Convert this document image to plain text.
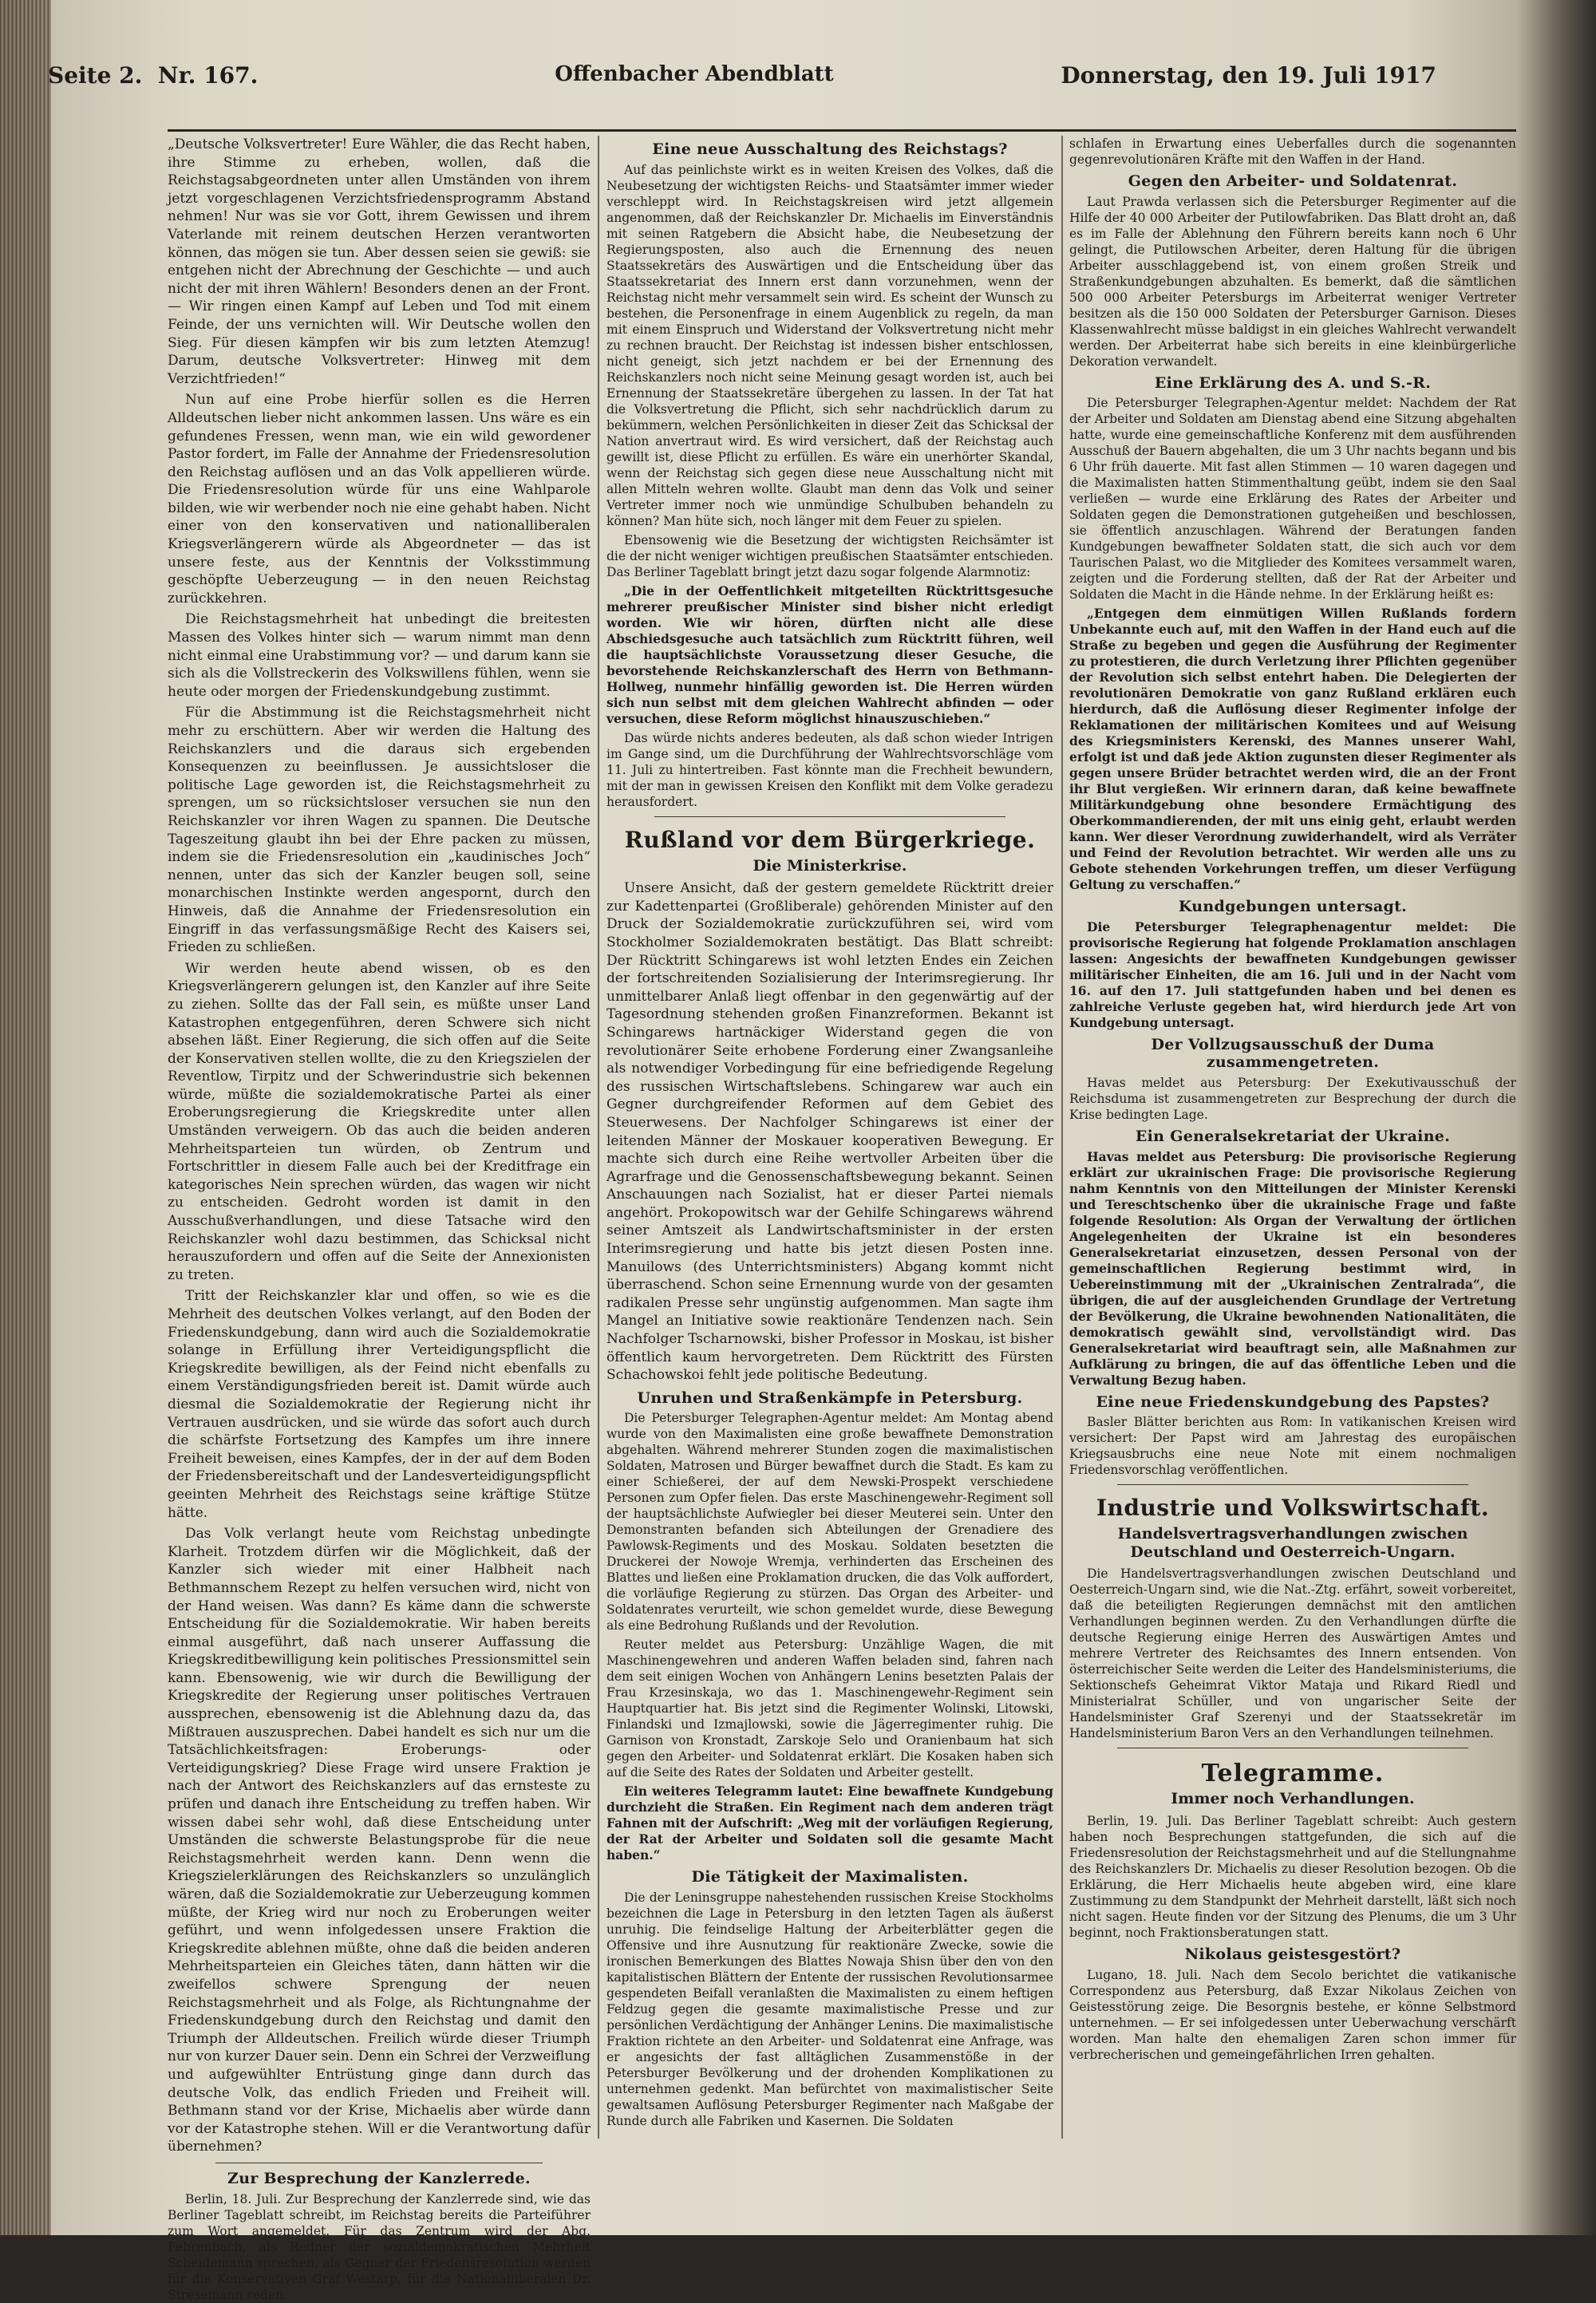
Seite 2. Nr. 167.	Offenbacher Abendblatt	Donnerstag, den 19. Juli 1917

„Deutsche Volksvertreter! Eure Wähler, die das Recht haben, ihre Stimme zu erheben, wollen, daß die Reichstagsabgeordneten unter allen Umständen von ihrem jetzt vorgeschlagenen Verzichtsfriedensprogramm Abstand nehmen! Nur was sie vor Gott, ihrem Gewissen und ihrem Vaterlande mit reinem deutschen Herzen verantworten können, das mögen sie tun. Aber dessen seien sie gewiß: sie entgehen nicht der Abrechnung der Geschichte — und auch nicht der mit ihren Wählern! Besonders denen an der Front. — Wir ringen einen Kampf auf Leben und Tod mit einem Feinde, der uns vernichten will. Wir Deutsche wollen den Sieg. Für diesen kämpfen wir bis zum letzten Atemzug! Darum, deutsche Volksvertreter: Hinweg mit dem Verzichtfrieden!“

Nun auf eine Probe hierfür sollen es die Herren Alldeutschen lieber nicht ankommen lassen. Uns wäre es ein gefundenes Fressen, wenn man, wie ein wild gewordener Pastor fordert, im Falle der Annahme der Friedensresolution den Reichstag auflösen und an das Volk appellieren würde. Die Friedensresolution würde für uns eine Wahlparole bilden, wie wir werbender noch nie eine gehabt haben. Nicht einer von den konservativen und nationalliberalen Kriegsverlängerern würde als Abgeordneter — das ist unsere feste, aus der Kenntnis der Volksstimmung geschöpfte Ueberzeugung — in den neuen Reichstag zurückkehren.

Die Reichstagsmehrheit hat unbedingt die breitesten Massen des Volkes hinter sich — warum nimmt man denn nicht einmal eine Urabstimmung vor? — und darum kann sie sich als die Vollstreckerin des Volkswillens fühlen, wenn sie heute oder morgen der Friedenskundgebung zustimmt.

Für die Abstimmung ist die Reichstagsmehrheit nicht mehr zu erschüttern. Aber wir werden die Haltung des Reichskanzlers und die daraus sich ergebenden Konsequenzen zu beeinflussen. Je aussichtsloser die politische Lage geworden ist, die Reichstagsmehrheit zu sprengen, um so rücksichtsloser versuchen sie nun den Reichskanzler vor ihren Wagen zu spannen. Die Deutsche Tageszeitung glaubt ihn bei der Ehre packen zu müssen, indem sie die Friedensresolution ein „kaudinisches Joch“ nennen, unter das sich der Kanzler beugen soll, seine monarchischen Instinkte werden angespornt, durch den Hinweis, daß die Annahme der Friedensresolution ein Eingriff in das verfassungsmäßige Recht des Kaisers sei, Frieden zu schließen.

Wir werden heute abend wissen, ob es den Kriegsverlängerern gelungen ist, den Kanzler auf ihre Seite zu ziehen. Sollte das der Fall sein, es müßte unser Land Katastrophen entgegenführen, deren Schwere sich nicht absehen läßt. Einer Regierung, die sich offen auf die Seite der Konservativen stellen wollte, die zu den Kriegszielen der Reventlow, Tirpitz und der Schwerindustrie sich bekennen würde, müßte die sozialdemokratische Partei als einer Eroberungsregierung die Kriegskredite unter allen Umständen verweigern. Ob das auch die beiden anderen Mehrheitsparteien tun würden, ob Zentrum und Fortschrittler in diesem Falle auch bei der Kreditfrage ein kategorisches Nein sprechen würden, das wagen wir nicht zu entscheiden. Gedroht worden ist damit in den Ausschußverhandlungen, und diese Tatsache wird den Reichskanzler wohl dazu bestimmen, das Schicksal nicht herauszufordern und offen auf die Seite der Annexionisten zu treten.

Tritt der Reichskanzler klar und offen, so wie es die Mehrheit des deutschen Volkes verlangt, auf den Boden der Friedenskundgebung, dann wird auch die Sozialdemokratie solange in Erfüllung ihrer Verteidigungspflicht die Kriegskredite bewilligen, als der Feind nicht ebenfalls zu einem Verständigungsfrieden bereit ist. Damit würde auch diesmal die Sozialdemokratie der Regierung nicht ihr Vertrauen ausdrücken, und sie würde das sofort auch durch die schärfste Fortsetzung des Kampfes um ihre innere Freiheit beweisen, eines Kampfes, der in der auf dem Boden der Friedensbereitschaft und der Landesverteidigungspflicht geeinten Mehrheit des Reichstags seine kräftige Stütze hätte.

Das Volk verlangt heute vom Reichstag unbedingte Klarheit. Trotzdem dürfen wir die Möglichkeit, daß der Kanzler sich wieder mit einer Halbheit nach Bethmannschem Rezept zu helfen versuchen wird, nicht von der Hand weisen. Was dann? Es käme dann die schwerste Entscheidung für die Sozialdemokratie. Wir haben bereits einmal ausgeführt, daß nach unserer Auffassung die Kriegskreditbewilligung kein politisches Pressionsmittel sein kann. Ebensowenig, wie wir durch die Bewilligung der Kriegskredite der Regierung unser politisches Vertrauen aussprechen, ebensowenig ist die Ablehnung dazu da, das Mißtrauen auszusprechen. Dabei handelt es sich nur um die Tatsächlichkeitsfragen: Eroberungs- oder Verteidigungskrieg? Diese Frage wird unsere Fraktion je nach der Antwort des Reichskanzlers auf das ernsteste zu prüfen und danach ihre Entscheidung zu treffen haben. Wir wissen dabei sehr wohl, daß diese Entscheidung unter Umständen die schwerste Belastungsprobe für die neue Reichstagsmehrheit werden kann. Denn wenn die Kriegszielerklärungen des Reichskanzlers so unzulänglich wären, daß die Sozialdemokratie zur Ueberzeugung kommen müßte, der Krieg wird nur noch zu Eroberungen weiter geführt, und wenn infolgedessen unsere Fraktion die Kriegskredite ablehnen müßte, ohne daß die beiden anderen Mehrheitsparteien ein Gleiches täten, dann hätten wir die zweifellos schwere Sprengung der neuen Reichstagsmehrheit und als Folge, als Richtungnahme der Friedenskundgebung durch den Reichstag und damit den Triumph der Alldeutschen. Freilich würde dieser Triumph nur von kurzer Dauer sein. Denn ein Schrei der Verzweiflung und aufgewühlter Entrüstung ginge dann durch das deutsche Volk, das endlich Frieden und Freiheit will. Bethmann stand vor der Krise, Michaelis aber würde dann vor der Katastrophe stehen. Will er die Verantwortung dafür übernehmen?

Zur Besprechung der Kanzlerrede.

Berlin, 18. Juli. Zur Besprechung der Kanzlerrede sind, wie das Berliner Tageblatt schreibt, im Reichstag bereits die Parteiführer zum Wort angemeldet. Für das Zentrum wird der Abg. Fehrenbach, als Redner der sozialdemokratischen Mehrheit Scheidemann sprechen, als Gegner der Friedensresolution werden für die Konservativen Graf Westarp, für die Nationalliberalen Dr. Stresemann reden.

Eine neue Ausschaltung des Reichstags?

Auf das peinlichste wirkt es in weiten Kreisen des Volkes, daß die Neubesetzung der wichtigsten Reichs- und Staatsämter immer wieder verschleppt wird. In Reichstagskreisen wird jetzt allgemein angenommen, daß der Reichskanzler Dr. Michaelis im Einverständnis mit seinen Ratgebern die Absicht habe, die Neubesetzung der Regierungsposten, also auch die Ernennung des neuen Staatssekretärs des Auswärtigen und die Entscheidung über das Staatssekretariat des Innern erst dann vorzunehmen, wenn der Reichstag nicht mehr versammelt sein wird. Es scheint der Wunsch zu bestehen, die Personenfrage in einem Augenblick zu regeln, da man mit einem Einspruch und Widerstand der Volksvertretung nicht mehr zu rechnen braucht. Der Reichstag ist indessen bisher entschlossen, nicht geneigt, sich jetzt nachdem er bei der Ernennung des Reichskanzlers noch nicht seine Meinung gesagt worden ist, auch bei Ernennung der Staatssekretäre übergehen zu lassen. In der Tat hat die Volksvertretung die Pflicht, sich sehr nachdrücklich darum zu bekümmern, welchen Persönlichkeiten in dieser Zeit das Schicksal der Nation anvertraut wird. Es wird versichert, daß der Reichstag auch gewillt ist, diese Pflicht zu erfüllen. Es wäre ein unerhörter Skandal, wenn der Reichstag sich gegen diese neue Ausschaltung nicht mit allen Mitteln wehren wollte. Glaubt man denn das Volk und seiner Vertreter immer noch wie unmündige Schulbuben behandeln zu können? Man hüte sich, noch länger mit dem Feuer zu spielen.

Ebensowenig wie die Besetzung der wichtigsten Reichsämter ist die der nicht weniger wichtigen preußischen Staatsämter entschieden. Das Berliner Tageblatt bringt jetzt dazu sogar folgende Alarmnotiz:

„Die in der Oeffentlichkeit mitgeteilten Rücktrittsgesuche mehrerer preußischer Minister sind bisher nicht erledigt worden. Wie wir hören, dürften nicht alle diese Abschiedsgesuche auch tatsächlich zum Rücktritt führen, weil die hauptsächlichste Voraussetzung dieser Gesuche, die bevorstehende Reichskanzlerschaft des Herrn von Bethmann-Hollweg, nunmehr hinfällig geworden ist. Die Herren würden sich nun selbst mit dem gleichen Wahlrecht abfinden — oder versuchen, diese Reform möglichst hinauszuschieben.“

Das würde nichts anderes bedeuten, als daß schon wieder Intrigen im Gange sind, um die Durchführung der Wahlrechtsvorschläge vom 11. Juli zu hintertreiben. Fast könnte man die Frechheit bewundern, mit der man in gewissen Kreisen den Konflikt mit dem Volke geradezu herausfordert.

Rußland vor dem Bürgerkriege.
Die Ministerkrise.

Unsere Ansicht, daß der gestern gemeldete Rücktritt dreier zur Kadettenpartei (Großliberale) gehörenden Minister auf den Druck der Sozialdemokratie zurückzuführen sei, wird vom Stockholmer Sozialdemokraten bestätigt. Das Blatt schreibt: Der Rücktritt Schingarews ist wohl letzten Endes ein Zeichen der fortschreitenden Sozialisierung der Interimsregierung. Ihr unmittelbarer Anlaß liegt offenbar in den gegenwärtig auf der Tagesordnung stehenden großen Finanzreformen. Bekannt ist Schingarews hartnäckiger Widerstand gegen die von revolutionärer Seite erhobene Forderung einer Zwangsanleihe als notwendiger Vorbedingung für eine befriedigende Regelung des russischen Wirtschaftslebens. Schingarew war auch ein Gegner durchgreifender Reformen auf dem Gebiet des Steuerwesens. Der Nachfolger Schingarews ist einer der leitenden Männer der Moskauer kooperativen Bewegung. Er machte sich durch eine Reihe wertvoller Arbeiten über die Agrarfrage und die Genossenschaftsbewegung bekannt. Seinen Anschauungen nach Sozialist, hat er dieser Partei niemals angehört. Prokopowitsch war der Gehilfe Schingarews während seiner Amtszeit als Landwirtschaftsminister in der ersten Interimsregierung und hatte bis jetzt diesen Posten inne. Manuilows (des Unterrichtsministers) Abgang kommt nicht überraschend. Schon seine Ernennung wurde von der gesamten radikalen Presse sehr ungünstig aufgenommen. Man sagte ihm Mangel an Initiative sowie reaktionäre Tendenzen nach. Sein Nachfolger Tscharnowski, bisher Professor in Moskau, ist bisher öffentlich kaum hervorgetreten. Dem Rücktritt des Fürsten Schachowskoi fehlt jede politische Bedeutung.

Unruhen und Straßenkämpfe in Petersburg.

Die Petersburger Telegraphen-Agentur meldet: Am Montag abend wurde von den Maximalisten eine große bewaffnete Demonstration abgehalten. Während mehrerer Stunden zogen die maximalistischen Soldaten, Matrosen und Bürger bewaffnet durch die Stadt. Es kam zu einer Schießerei, der auf dem Newski-Prospekt verschiedene Personen zum Opfer fielen. Das erste Maschinengewehr-Regiment soll der hauptsächlichste Aufwiegler bei dieser Meuterei sein. Unter den Demonstranten befanden sich Abteilungen der Grenadiere des Pawlowsk-Regiments und des Moskau. Soldaten besetzten die Druckerei der Nowoje Wremja, verhinderten das Erscheinen des Blattes und ließen eine Proklamation drucken, die das Volk auffordert, die vorläufige Regierung zu stürzen. Das Organ des Arbeiter- und Soldatenrates verurteilt, wie schon gemeldet wurde, diese Bewegung als eine Bedrohung Rußlands und der Revolution.

Reuter meldet aus Petersburg: Unzählige Wagen, die mit Maschinengewehren und anderen Waffen beladen sind, fahren nach dem seit einigen Wochen von Anhängern Lenins besetzten Palais der Frau Krzesinskaja, wo das 1. Maschinengewehr-Regiment sein Hauptquartier hat. Bis jetzt sind die Regimenter Wolinski, Litowski, Finlandski und Izmajlowski, sowie die Jägerregimenter ruhig. Die Garnison von Kronstadt, Zarskoje Selo und Oranienbaum hat sich gegen den Arbeiter- und Soldatenrat erklärt. Die Kosaken haben sich auf die Seite des Rates der Soldaten und Arbeiter gestellt.

Ein weiteres Telegramm lautet: Eine bewaffnete Kundgebung durchzieht die Straßen. Ein Regiment nach dem anderen trägt Fahnen mit der Aufschrift: „Weg mit der vorläufigen Regierung, der Rat der Arbeiter und Soldaten soll die gesamte Macht haben.“

Die Tätigkeit der Maximalisten.

Die der Leninsgruppe nahestehenden russischen Kreise Stockholms bezeichnen die Lage in Petersburg in den letzten Tagen als äußerst unruhig. Die feindselige Haltung der Arbeiterblätter gegen die Offensive und ihre Ausnutzung für reaktionäre Zwecke, sowie die ironischen Bemerkungen des Blattes Nowaja Shisn über den von den kapitalistischen Blättern der Entente der russischen Revolutionsarmee gespendeten Beifall veranlaßten die Maximalisten zu einem heftigen Feldzug gegen die gesamte maximalistische Presse und zur persönlichen Verdächtigung der Anhänger Lenins. Die maximalistische Fraktion richtete an den Arbeiter- und Soldatenrat eine Anfrage, was er angesichts der fast alltäglichen Zusammenstöße in der Petersburger Bevölkerung und der drohenden Komplikationen zu unternehmen gedenkt. Man befürchtet von maximalistischer Seite gewaltsamen Auflösung Petersburger Regimenter nach Maßgabe der Runde durch alle Fabriken und Kasernen. Die Soldaten

schlafen in Erwartung eines Ueberfalles durch die sogenannten gegenrevolutionären Kräfte mit den Waffen in der Hand.

Gegen den Arbeiter- und Soldatenrat.

Laut Prawda verlassen sich die Petersburger Regimenter auf die Hilfe der 40 000 Arbeiter der Putilowfabriken. Das Blatt droht an, daß es im Falle der Ablehnung den Führern bereits kann noch 6 Uhr gelingt, die Putilowschen Arbeiter, deren Haltung für die übrigen Arbeiter ausschlaggebend ist, von einem großen Streik und Straßenkundgebungen abzuhalten. Es bemerkt, daß die sämtlichen 500 000 Arbeiter Petersburgs im Arbeiterrat weniger Vertreter besitzen als die 150 000 Soldaten der Petersburger Garnison. Dieses Klassenwahlrecht müsse baldigst in ein gleiches Wahlrecht verwandelt werden. Der Arbeiterrat habe sich bereits in eine kleinbürgerliche Dekoration verwandelt.

Eine Erklärung des A. und S.-R.

Die Petersburger Telegraphen-Agentur meldet: Nachdem der Rat der Arbeiter und Soldaten am Dienstag abend eine Sitzung abgehalten hatte, wurde eine gemeinschaftliche Konferenz mit dem ausführenden Ausschuß der Bauern abgehalten, die um 3 Uhr nachts begann und bis 6 Uhr früh dauerte. Mit fast allen Stimmen — 10 waren dagegen und die Maximalisten hatten Stimmenthaltung geübt, indem sie den Saal verließen — wurde eine Erklärung des Rates der Arbeiter und Soldaten gegen die Demonstrationen gutgeheißen und beschlossen, sie öffentlich anzuschlagen. Während der Beratungen fanden Kundgebungen bewaffneter Soldaten statt, die sich auch vor dem Taurischen Palast, wo die Mitglieder des Komitees versammelt waren, zeigten und die Forderung stellten, daß der Rat der Arbeiter und Soldaten die Macht in die Hände nehme. In der Erklärung heißt es:

„Entgegen dem einmütigen Willen Rußlands fordern Unbekannte euch auf, mit den Waffen in der Hand euch auf die Straße zu begeben und gegen die Ausführung der Regimenter zu protestieren, die durch Verletzung ihrer Pflichten gegenüber der Revolution sich selbst entehrt haben. Die Delegierten der revolutionären Demokratie von ganz Rußland erklären euch hierdurch, daß die Auflösung dieser Regimenter infolge der Reklamationen der militärischen Komitees und auf Weisung des Kriegsministers Kerenski, des Mannes unserer Wahl, erfolgt ist und daß jede Aktion zugunsten dieser Regimenter als gegen unsere Brüder betrachtet werden wird, die an der Front ihr Blut vergießen. Wir erinnern daran, daß keine bewaffnete Militärkundgebung ohne besondere Ermächtigung des Oberkommandierenden, der mit uns einig geht, erlaubt werden kann. Wer dieser Verordnung zuwiderhandelt, wird als Verräter und Feind der Revolution betrachtet. Wir werden alle uns zu Gebote stehenden Vorkehrungen treffen, um dieser Verfügung Geltung zu verschaffen.“

Kundgebungen untersagt.

Die Petersburger Telegraphenagentur meldet: Die provisorische Regierung hat folgende Proklamation anschlagen lassen: Angesichts der bewaffneten Kundgebungen gewisser militärischer Einheiten, die am 16. Juli und in der Nacht vom 16. auf den 17. Juli stattgefunden haben und bei denen es zahlreiche Verluste gegeben hat, wird hierdurch jede Art von Kundgebung untersagt.

Der Vollzugsausschuß der Duma zusammengetreten.

Havas meldet aus Petersburg: Der Exekutivausschuß der Reichsduma ist zusammengetreten zur Besprechung der durch die Krise bedingten Lage.

Ein Generalsekretariat der Ukraine.

Havas meldet aus Petersburg: Die provisorische Regierung erklärt zur ukrainischen Frage: Die provisorische Regierung nahm Kenntnis von den Mitteilungen der Minister Kerenski und Tereschtschenko über die ukrainische Frage und faßte folgende Resolution: Als Organ der Verwaltung der örtlichen Angelegenheiten der Ukraine ist ein besonderes Generalsekretariat einzusetzen, dessen Personal von der gemeinschaftlichen Regierung bestimmt wird, in Uebereinstimmung mit der „Ukrainischen Zentralrada“, die übrigen, die auf der ausgleichenden Grundlage der Vertretung der Bevölkerung, die Ukraine bewohnenden Nationalitäten, die demokratisch gewählt sind, vervollständigt wird. Das Generalsekretariat wird beauftragt sein, alle Maßnahmen zur Aufklärung zu bringen, die auf das öffentliche Leben und die Verwaltung Bezug haben.

Eine neue Friedenskundgebung des Papstes?

Basler Blätter berichten aus Rom: In vatikanischen Kreisen wird versichert: Der Papst wird am Jahrestag des europäischen Kriegsausbruchs eine neue Note mit einem nochmaligen Friedensvorschlag veröffentlichen.

Industrie und Volkswirtschaft.
Handelsvertragsverhandlungen zwischen Deutschland und Oesterreich-Ungarn.

Die Handelsvertragsverhandlungen zwischen Deutschland und Oesterreich-Ungarn sind, wie die Nat.-Ztg. erfährt, soweit vorbereitet, daß die beteiligten Regierungen demnächst mit den amtlichen Verhandlungen beginnen werden. Zu den Verhandlungen dürfte die deutsche Regierung einige Herren des Auswärtigen Amtes und mehrere Vertreter des Reichsamtes des Innern entsenden. Von österreichischer Seite werden die Leiter des Handelsministeriums, die Sektionschefs Geheimrat Viktor Mataja und Rikard Riedl und Ministerialrat Schüller, und von ungarischer Seite der Handelsminister Graf Szerenyi und der Staatssekretär im Handelsministerium Baron Vers an den Verhandlungen teilnehmen.

Telegramme.
Immer noch Verhandlungen.

Berlin, 19. Juli. Das Berliner Tageblatt schreibt: Auch gestern haben noch Besprechungen stattgefunden, die sich auf die Friedensresolution der Reichstagsmehrheit und auf die Stellungnahme des Reichskanzlers Dr. Michaelis zu dieser Resolution bezogen. Ob die Erklärung, die Herr Michaelis heute abgeben wird, eine klare Zustimmung zu dem Standpunkt der Mehrheit darstellt, läßt sich noch nicht sagen. Heute finden vor der Sitzung des Plenums, die um 3 Uhr beginnt, noch Fraktionsberatungen statt.

Nikolaus geistesgestört?

Lugano, 18. Juli. Nach dem Secolo berichtet die vatikanische Correspondenz aus Petersburg, daß Exzar Nikolaus Zeichen von Geistesstörung zeige. Die Besorgnis bestehe, er könne Selbstmord unternehmen. — Er sei infolgedessen unter Ueberwachung verschärft worden. Man halte den ehemaligen Zaren schon immer für verbrecherischen und gemeingefährlichen Irren gehalten.
